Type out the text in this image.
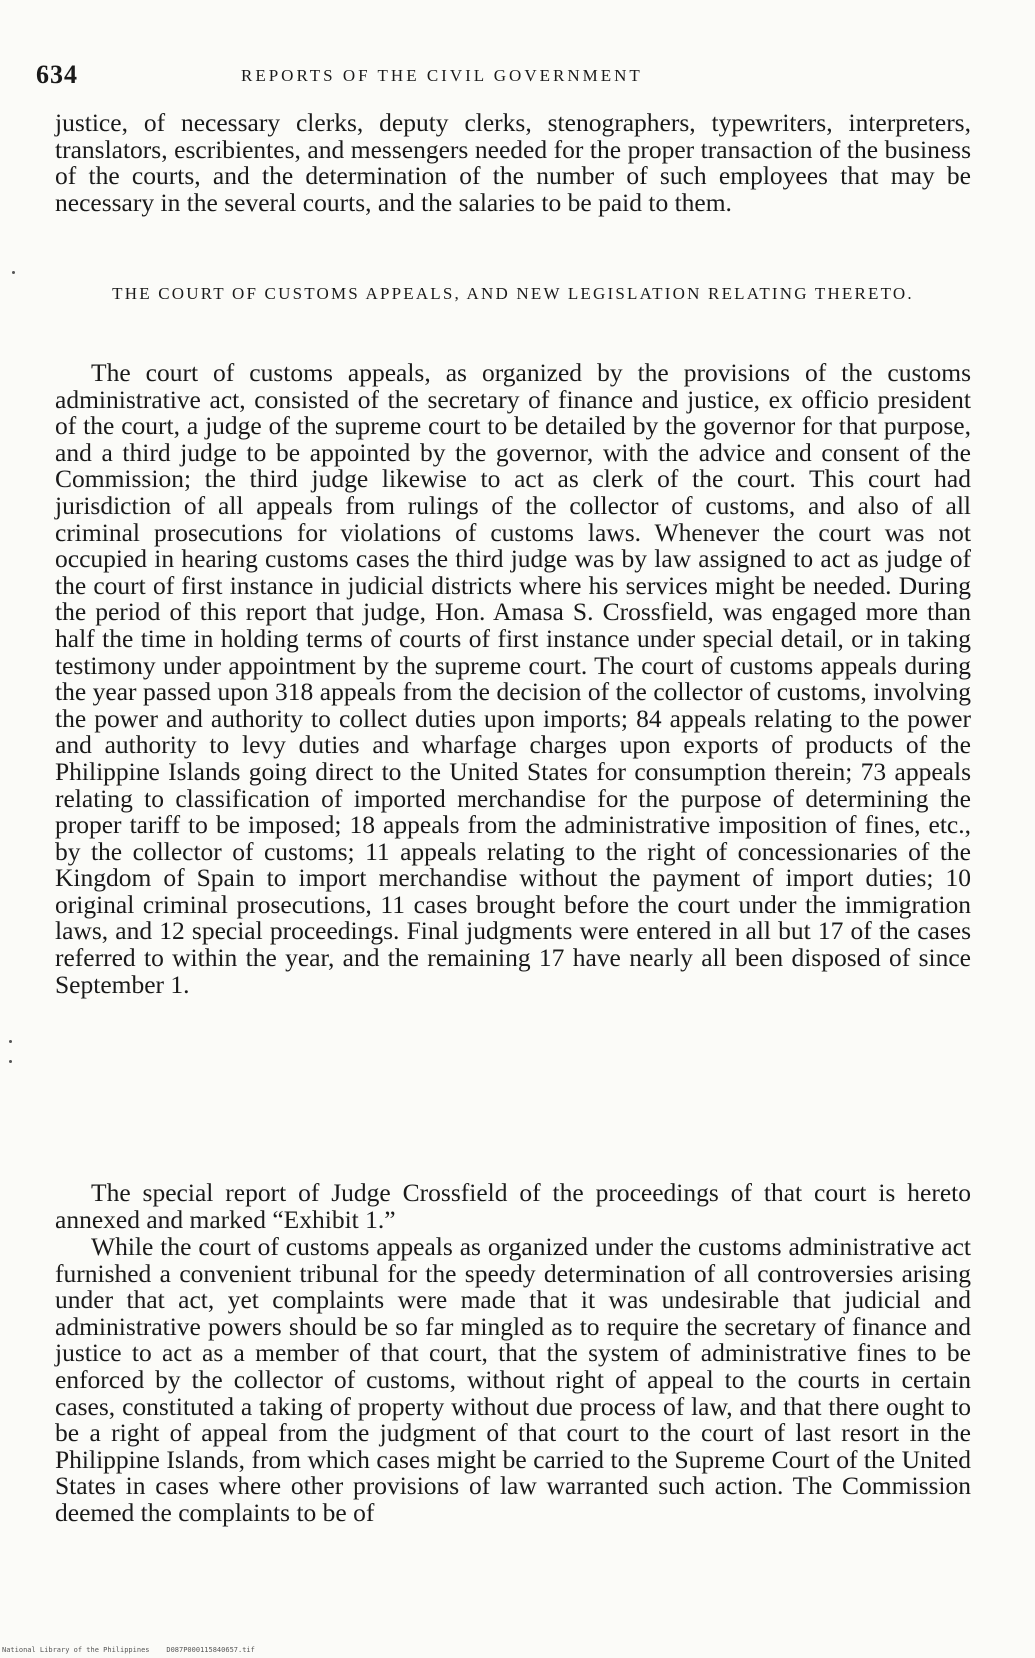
634	REPORTS OF THE CIVIL GOVERNMENT

justice, of necessary clerks, deputy clerks, stenographers, typewriters, interpreters, translators, escribientes, and messengers needed for the proper transaction of the business of the courts, and the determination of the number of such employees that may be necessary in the several courts, and the salaries to be paid to them.

THE COURT OF CUSTOMS APPEALS, AND NEW LEGISLATION RELATING THERETO.

The court of customs appeals, as organized by the provisions of the customs administrative act, consisted of the secretary of finance and justice, ex officio president of the court, a judge of the supreme court to be detailed by the governor for that purpose, and a third judge to be appointed by the governor, with the advice and consent of the Commission; the third judge likewise to act as clerk of the court. This court had jurisdiction of all appeals from rulings of the collector of customs, and also of all criminal prosecutions for violations of customs laws. Whenever the court was not occupied in hearing customs cases the third judge was by law assigned to act as judge of the court of first instance in judicial districts where his services might be needed. During the period of this report that judge, Hon. Amasa S. Crossfield, was engaged more than half the time in holding terms of courts of first instance under special detail, or in taking testimony under appointment by the supreme court. The court of customs appeals during the year passed upon 318 appeals from the decision of the collector of customs, involving the power and authority to collect duties upon imports; 84 appeals relating to the power and authority to levy duties and wharfage charges upon exports of products of the Philippine Islands going direct to the United States for consumption therein; 73 appeals relating to classification of imported merchandise for the purpose of determining the proper tariff to be imposed; 18 appeals from the administrative imposition of fines, etc., by the collector of customs; 11 appeals relating to the right of concessionaries of the Kingdom of Spain to import merchandise without the payment of import duties; 10 original criminal prosecutions, 11 cases brought before the court under the immigration laws, and 12 special proceedings. Final judgments were entered in all but 17 of the cases referred to within the year, and the remaining 17 have nearly all been disposed of since September 1.

The special report of Judge Crossfield of the proceedings of that court is hereto annexed and marked “Exhibit 1.”

While the court of customs appeals as organized under the customs administrative act furnished a convenient tribunal for the speedy determination of all controversies arising under that act, yet complaints were made that it was undesirable that judicial and administrative powers should be so far mingled as to require the secretary of finance and justice to act as a member of that court, that the system of administrative fines to be enforced by the collector of customs, without right of appeal to the courts in certain cases, constituted a taking of property without due process of law, and that there ought to be a right of appeal from the judgment of that court to the court of last resort in the Philippine Islands, from which cases might be carried to the Supreme Court of the United States in cases where other provisions of law warranted such action. The Commission deemed the complaints to be of

National Library of the Philippines    D087P000115840657.tif
